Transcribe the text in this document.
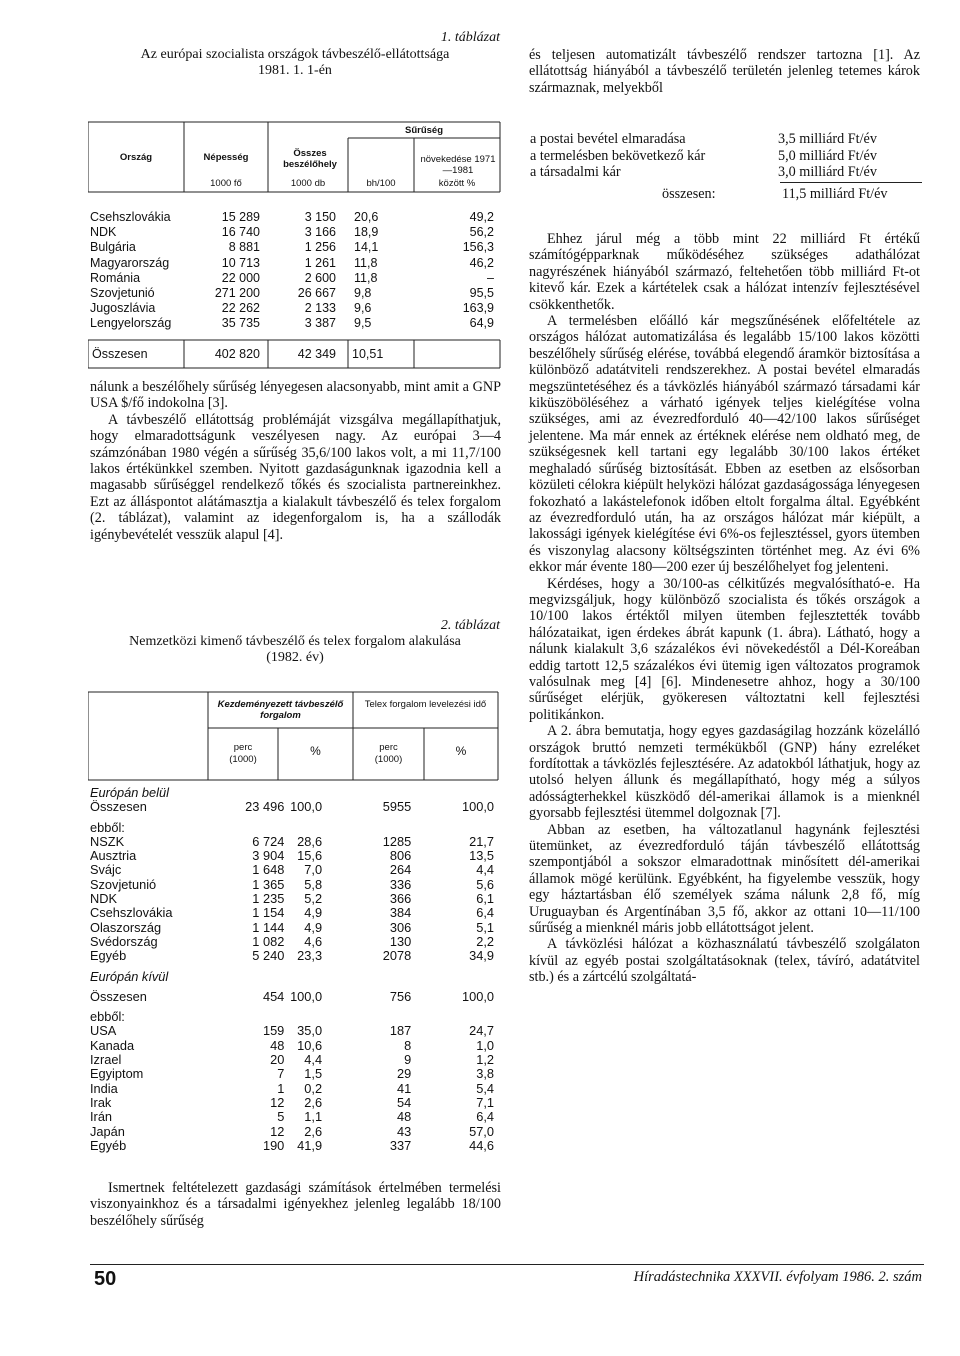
1. táblázat
Az európai szocialista országok távbeszélő-ellátottsága
1981. 1. 1-én
Ország	Népesség
1000 fő
Összes beszélőhely
1000 db
Sűrűség
bh/100
növekedése 1971—1981
között %
Csehszlovákia	15 289	3 150	20,6	49,2
NDK	16 740	3 166	18,9	56,2
Bulgária	8 881	1 256	14,1	156,3
Magyarország	10 713	1 261	11,8	46,2
Románia	22 000	2 600	11,8	–
Szovjetunió	271 200	26 667	9,8	95,5
Jugoszlávia	22 262	2 133	9,6	163,9
Lengyelország	35 735	3 387	9,5	64,9
Összesen	402 820	42 349 10,51

nálunk a beszélőhely sűrűség lényegesen alacsonyabb, mint amit a GNP USA $/fő indokolna [3].

A távbeszélő ellátottság problémáját vizsgálva megállapíthatjuk, hogy elmaradottságunk veszélyesen nagy. Az európai 3—4 számzónában 1980 végén a sűrűség 35,6/100 lakos volt, a mi 11,7/100 lakos értékünkkel szemben. Nyitott gazdaságunknak igazodnia kell a magasabb sűrűséggel rendelkező tőkés és szocialista partnereinkhez. Ezt az álláspontot alátámasztja a kialakult távbeszélő és telex forgalom (2. táblázat), valamint az idegenforgalom is, ha a szállodák igénybevételét vesszük alapul [4].

2. táblázat
Nemzetközi kimenő távbeszélő és telex forgalom alakulása
(1982. év)
Kezdeményezett távbeszélő forgalom
Telex forgalom levelezési idő
perc
(1000)
%	perc
(1000)
%
Európán belül				
Összesen	23 496	100,0	5955	100,0
ebből:				
NSZK	6 724	28,6	1285	21,7
Ausztria	3 904	15,6	806	13,5
Svájc	1 648	7,0	264	4,4
Szovjetunió	1 365	5,8	336	5,6
NDK	1 235	5,2	366	6,1
Csehszlovákia	1 154	4,9	384	6,4
Olaszország	1 144	4,9	306	5,1
Svédország	1 082	4,6	130	2,2
Egyéb	5 240	23,3	2078	34,9
Európán kívül				
Összesen	454	100,0	756	100,0
ebből:				
USA	159	35,0	187	24,7
Kanada	48	10,6	8	1,0
Izrael	20	4,4	9	1,2
Egyiptom	7	1,5	29	3,8
India	1	0,2	41	5,4
Irak	12	2,6	54	7,1
Irán	5	1,1	48	6,4
Japán	12	2,6	43	57,0
Egyéb	190	41,9	337	44,6

Ismertnek feltételezett gazdasági számítások értelmében termelési viszonyainkhoz és a társadalmi igényekhez jelenleg legalább 18/100 beszélőhely sűrűség

és teljesen automatizált távbeszélő rendszer tartozna [1]. Az ellátottság hiányából a távbeszélő területén jelenleg tetemes károk származnak, melyekből

a postai bevétel elmaradása	3,5 milliárd Ft/év
a termelésben bekövetkező kár	5,0 milliárd Ft/év
a társadalmi kár	3,0 milliárd Ft/év
összesen:	11,5 milliárd Ft/év

Ehhez járul még a több mint 22 milliárd Ft értékű számítógépparknak működéséhez szükséges adathálózat nagyrészének hiányából származó, feltehetően több milliárd Ft-ot kitevő kár. Ezek a kártételek csak a hálózat intenzív fejlesztésével csökkenthetők.

A termelésben előálló kár megszűnésének előfeltétele az országos hálózat automatizálása és legalább 15/100 lakos közötti beszélőhely sűrűség elérése, továbbá elegendő áramkör biztosítása a különböző adatátviteli rendszerekhez. A postai bevétel elmaradás megszüntetéséhez és a távközlés hiányából származó társadami kár kiküszöböléséhez a várható igények teljes kielégítése volna szükséges, ami az évezredforduló 40—42/100 lakos sűrűséget jelentene. Ma már ennek az értéknek elérése nem oldható meg, de szükségesnek kell tartani egy legalább 30/100 lakos értéket meghaladó sűrűség biztosítását. Ebben az esetben az elsősorban közületi célokra kiépült helyközi hálózat gazdaságossága lényegesen fokozható a lakástelefonok időben eltolt forgalma által. Egyébként az évezredforduló után, ha az országos hálózat már kiépült, a lakossági igények kielégítése évi 6%-os fejlesztéssel, gyors ütemben és viszonylag alacsony költségszinten történhet meg. Az évi 6% ekkor már évente 180—200 ezer új beszélőhelyet fog jelenteni.

Kérdéses, hogy a 30/100-as célkitűzés megvalósítható-e. Ha megvizsgáljuk, hogy különböző szocialista és tőkés országok a 10/100 lakos értéktől milyen ütemben fejlesztették tovább hálózataikat, igen érdekes ábrát kapunk (1. ábra). Látható, hogy a nálunk kialakult 3,6 százalékos évi növekedéstől a Dél-Koreában eddig tartott 12,5 százalékos évi ütemig igen változatos programok valósulnak meg [4] [6]. Mindenesetre ahhoz, hogy a 30/100 sűrűséget elérjük, gyökeresen változtatni kell fejlesztési politikánkon.

A 2. ábra bemutatja, hogy egyes gazdaságilag hozzánk közelálló országok bruttó nemzeti termékükből (GNP) hány ezreléket fordítottak a távközlés fejlesztésére. Az adatokból láthatjuk, hogy az utolsó helyen állunk és megállapítható, hogy még a súlyos adósságterhekkel küszködő dél-amerikai államok is a mienknél gyorsabb fejlesztési ütemmel dolgoznak [7].

Abban az esetben, ha változatlanul hagynánk fejlesztési ütemünket, az évezredforduló táján távbeszélő ellátottság szempontjából a sokszor elmaradottnak minősített dél-amerikai államok mögé kerülünk. Egyébként, ha figyelembe vesszük, hogy egy háztartásban élő személyek száma nálunk 2,8 fő, míg Uruguayban és Argentínában 3,5 fő, akkor az ottani 10—11/100 sűrűség a mienknél máris jobb ellátottságot jelent.

A távközlési hálózat a közhasználatú távbeszélő szolgálaton kívül az egyéb postai szolgáltatásoknak (telex, távíró, adatátvitel stb.) és a zártcélú szolgáltatá-

50	Híradástechnika XXXVII. évfolyam 1986. 2. szám
